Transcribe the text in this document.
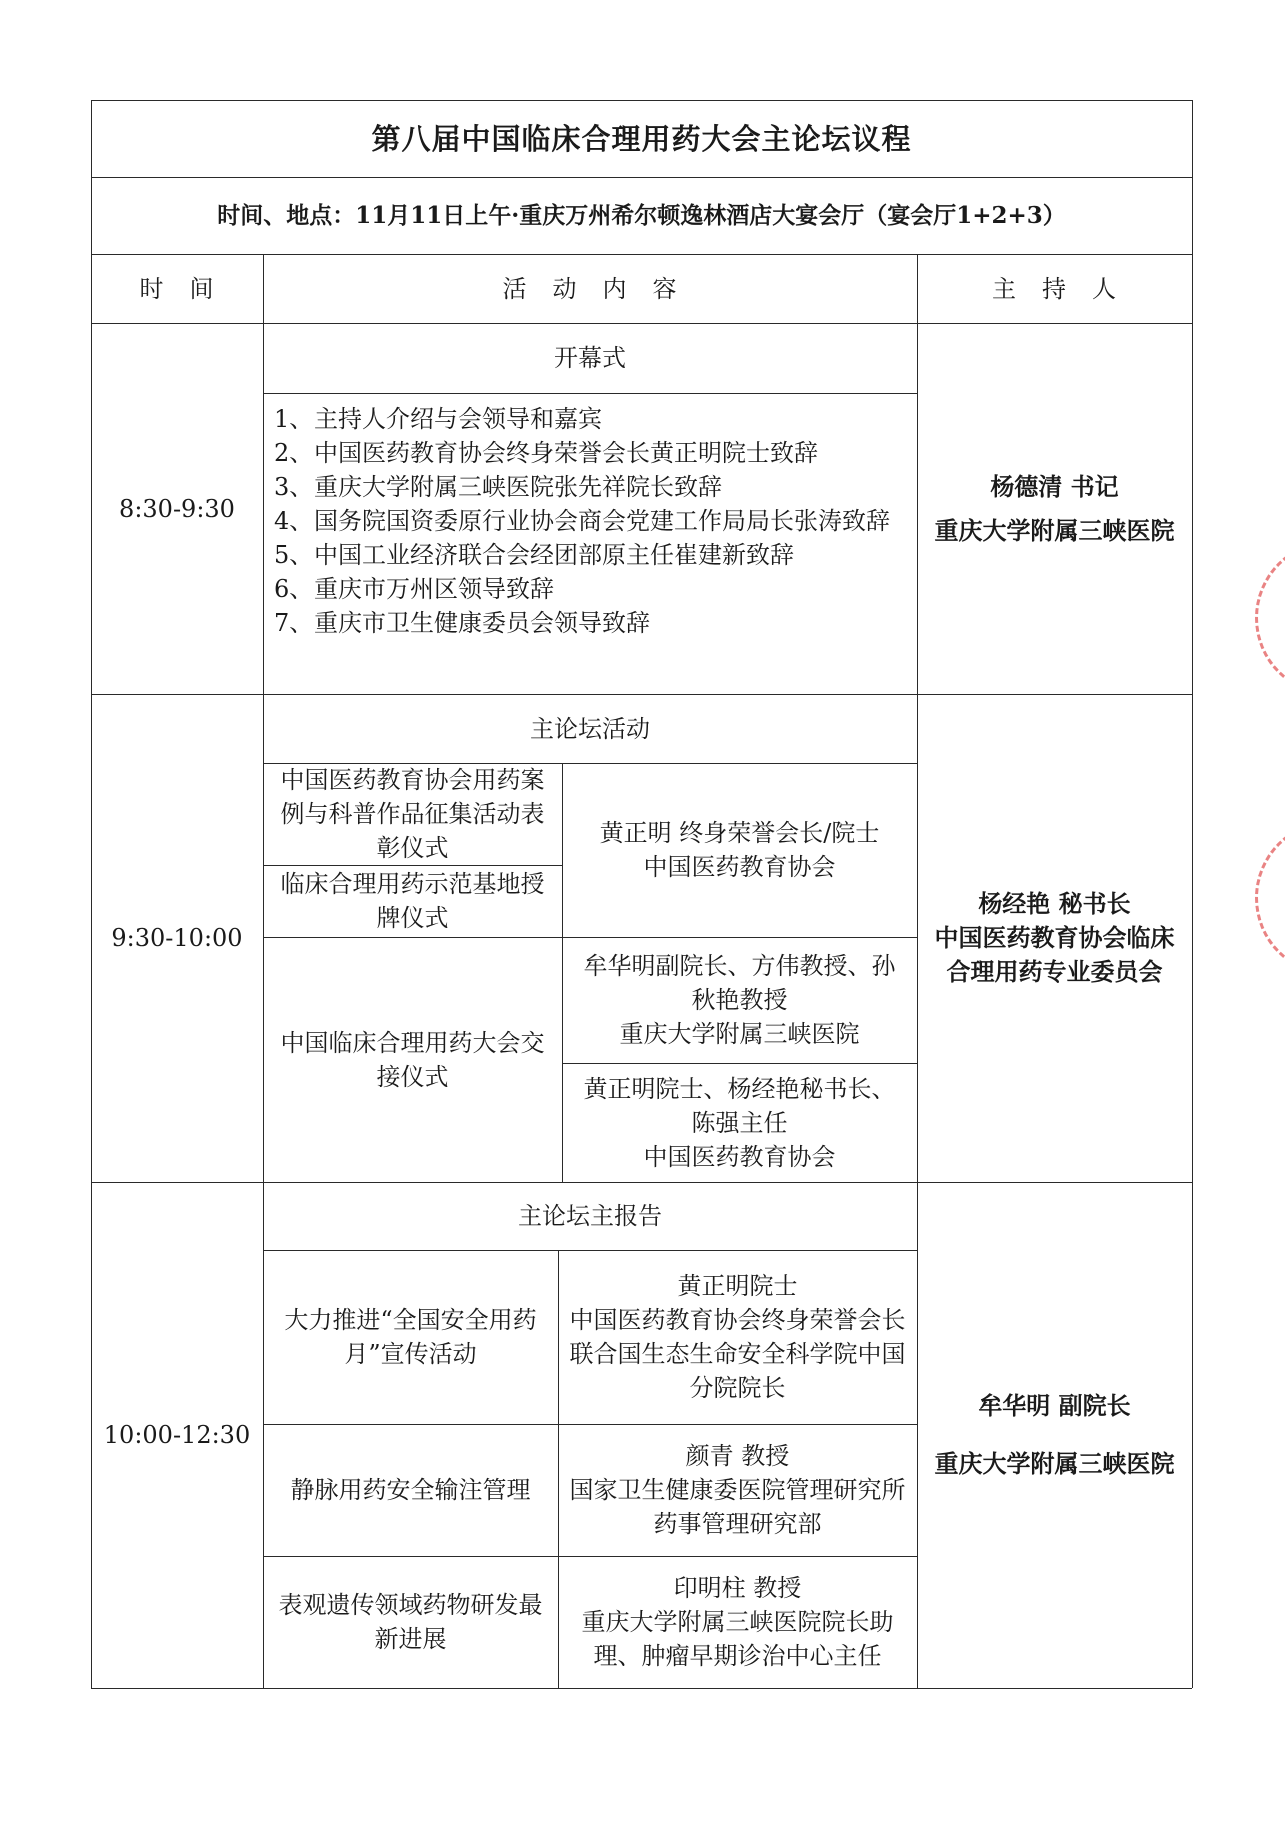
第八届中国临床合理用药大会主论坛议程
时间、地点：11月11日上午·重庆万州希尔顿逸林酒店大宴会厅（宴会厅1+2+3）
时　间	活　动　内　容	主　持　人
8:30-9:30
开幕式
1、 主持人介绍与会领导和嘉宾
2、 中国医药教育协会终身荣誉会长黄正明院士致辞
3、 重庆大学附属三峡医院张先祥院长致辞
4、 国务院国资委原行业协会商会党建工作局局长张涛致辞
5、 中国工业经济联合会经团部原主任崔建新致辞
6、 重庆市万州区领导致辞
7、 重庆市卫生健康委员会领导致辞
杨德清 书记
重庆大学附属三峡医院
9:30-10:00
主论坛活动
中国医药教育协会用药案例与科普作品征集活动表彰仪式
临床合理用药示范基地授牌仪式
中国临床合理用药大会交接仪式
黄正明 终身荣誉会长/院士
中国医药教育协会
牟华明副院长、方伟教授、孙秋艳教授
重庆大学附属三峡医院
黄正明院士、杨经艳秘书长、陈强主任
中国医药教育协会
杨经艳 秘书长
中国医药教育协会临床合理用药专业委员会
10:00-12:30
主论坛主报告
大力推进“全国安全用药月”宣传活动
静脉用药安全输注管理
表观遗传领域药物研发最新进展
黄正明院士
中国医药教育协会终身荣誉会长
联合国生态生命安全科学院中国分院院长
颜青 教授
国家卫生健康委医院管理研究所药事管理研究部
印明柱 教授
重庆大学附属三峡医院院长助理、肿瘤早期诊治中心主任
牟华明 副院长
重庆大学附属三峡医院
